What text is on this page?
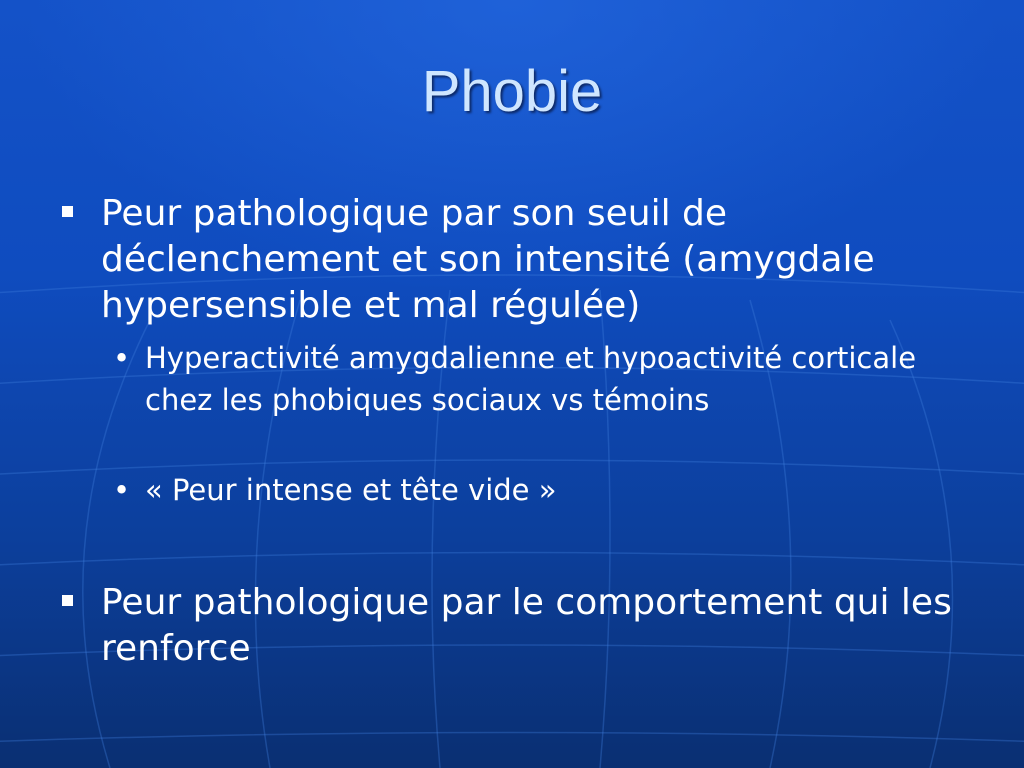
Phobie
Peur pathologique par son seuil de déclenchement et son intensité (amygdale hypersensible et mal régulée)
• Hyperactivité amygdalienne et hypoactivité corticale chez les phobiques sociaux vs témoins
• « Peur intense et tête vide »
Peur pathologique par le comportement qui les renforce
